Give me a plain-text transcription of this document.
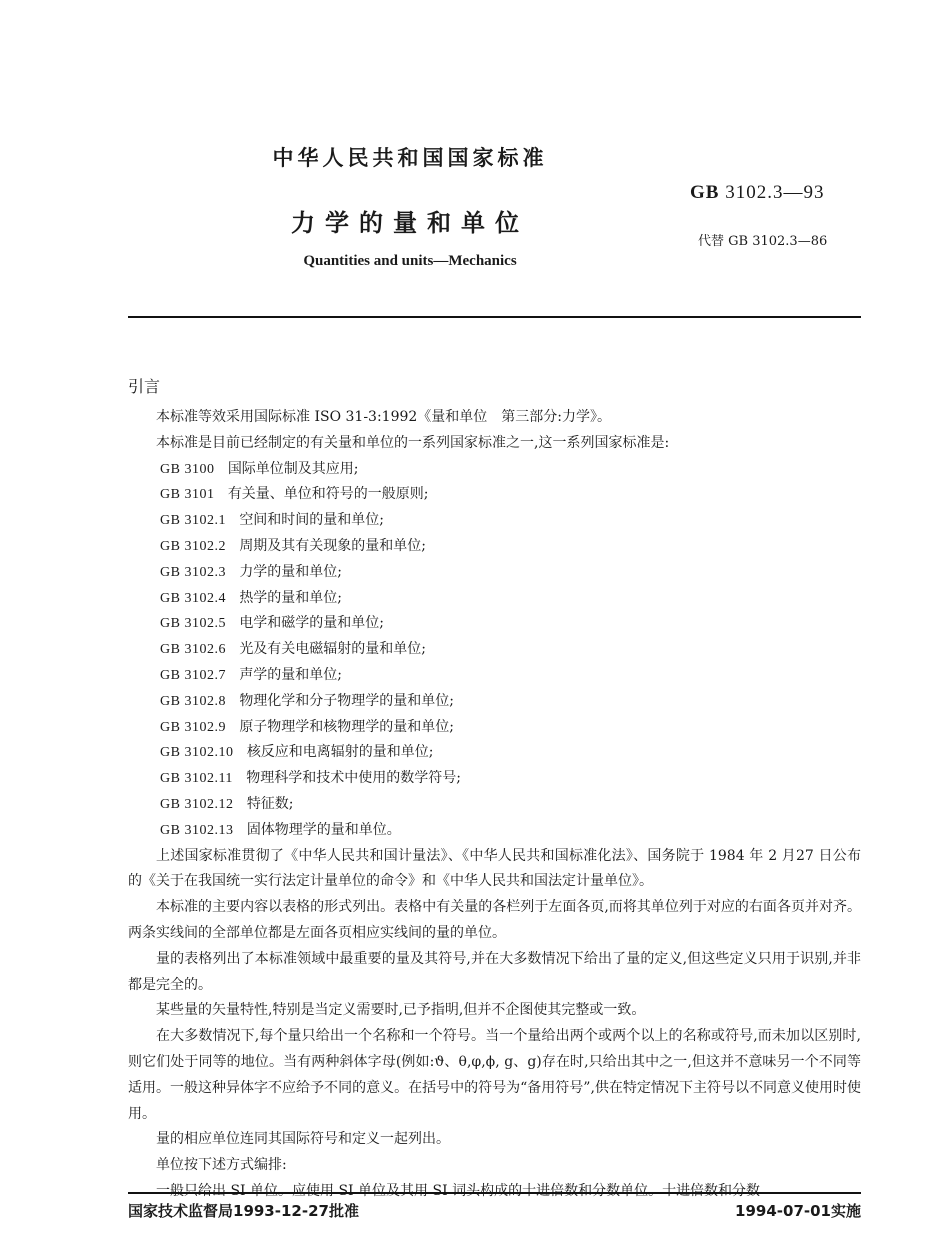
中华人民共和国国家标准
GB 3102.3—93
力学的量和单位
代替 GB 3102.3—86
Quantities and units—Mechanics
引言

本标准等效采用国际标准 ISO 31-3:1992《量和单位　第三部分:力学》。

本标准是目前已经制定的有关量和单位的一系列国家标准之一,这一系列国家标准是:

GB 3100 国际单位制及其应用;
GB 3101 有关量、单位和符号的一般原则;
GB 3102.1 空间和时间的量和单位;
GB 3102.2 周期及其有关现象的量和单位;
GB 3102.3 力学的量和单位;
GB 3102.4 热学的量和单位;
GB 3102.5 电学和磁学的量和单位;
GB 3102.6 光及有关电磁辐射的量和单位;
GB 3102.7 声学的量和单位;
GB 3102.8 物理化学和分子物理学的量和单位;
GB 3102.9 原子物理学和核物理学的量和单位;
GB 3102.10 核反应和电离辐射的量和单位;
GB 3102.11 物理科学和技术中使用的数学符号;
GB 3102.12 特征数;
GB 3102.13 固体物理学的量和单位。

上述国家标准贯彻了《中华人民共和国计量法》、《中华人民共和国标准化法》、国务院于 1984 年 2 月27 日公布的《关于在我国统一实行法定计量单位的命令》和《中华人民共和国法定计量单位》。

本标准的主要内容以表格的形式列出。表格中有关量的各栏列于左面各页,而将其单位列于对应的右面各页并对齐。两条实线间的全部单位都是左面各页相应实线间的量的单位。

量的表格列出了本标准领域中最重要的量及其符号,并在大多数情况下给出了量的定义,但这些定义只用于识别,并非都是完全的。

某些量的矢量特性,特别是当定义需要时,已予指明,但并不企图使其完整或一致。

在大多数情况下,每个量只给出一个名称和一个符号。当一个量给出两个或两个以上的名称或符号,而未加以区别时,则它们处于同等的地位。当有两种斜体字母(例如:ϑ、θ,φ,ϕ, g、g)存在时,只给出其中之一,但这并不意味另一个不同等适用。一般这种异体字不应给予不同的意义。在括号中的符号为“备用符号”,供在特定情况下主符号以不同意义使用时使用。

量的相应单位连同其国际符号和定义一起列出。

单位按下述方式编排:

一般只给出 SI 单位。应使用 SI 单位及其用 SI 词头构成的十进倍数和分数单位。十进倍数和分数

国家技术监督局1993-12-27批准	1994-07-01实施
